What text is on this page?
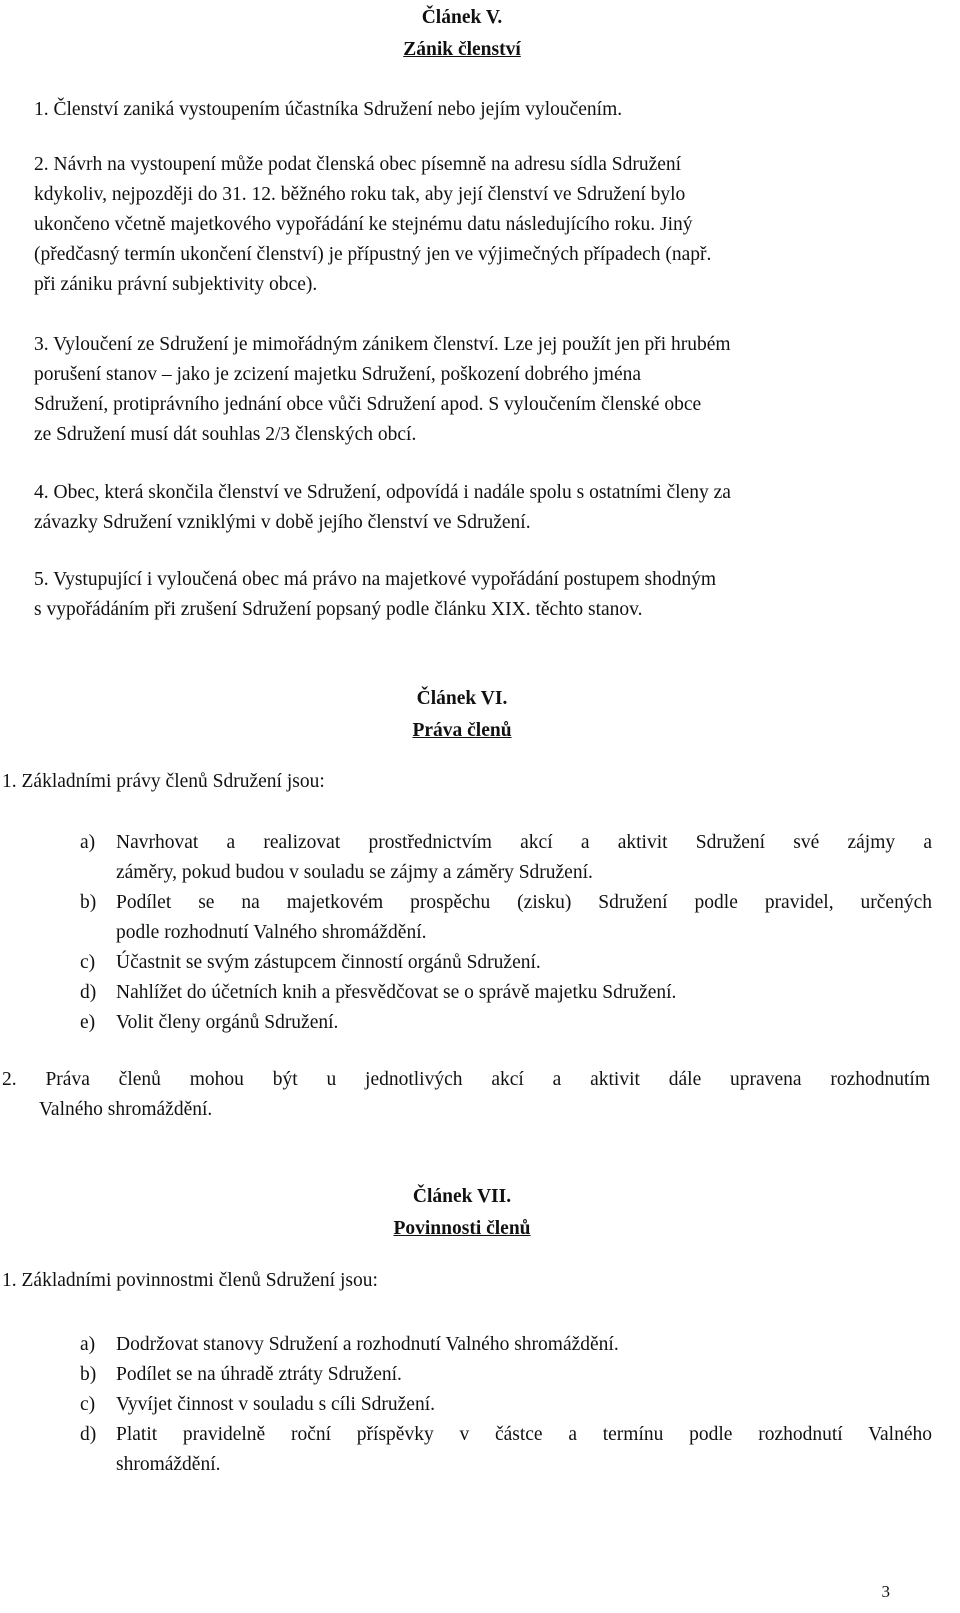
Článek V.
Zánik členství
1. Členství zaniká vystoupením účastníka Sdružení nebo jejím vyloučením.
2. Návrh na vystoupení může podat členská obec písemně na adresu sídla Sdružení
kdykoliv, nejpozději do 31. 12. běžného roku tak, aby její členství ve Sdružení bylo
ukončeno včetně majetkového vypořádání ke stejnému datu následujícího roku. Jiný
(předčasný termín ukončení členství) je přípustný jen ve výjimečných případech (např.
při zániku právní subjektivity obce).
3. Vyloučení ze Sdružení je mimořádným zánikem členství. Lze jej použít jen při hrubém
porušení stanov – jako je zcizení majetku Sdružení, poškození dobrého jména
Sdružení, protiprávního jednání obce vůči Sdružení apod. S vyloučením členské obce
ze Sdružení musí dát souhlas 2/3 členských obcí.
4. Obec, která skončila členství ve Sdružení, odpovídá i nadále spolu s ostatními členy za
závazky Sdružení vzniklými v době jejího členství ve Sdružení.
5. Vystupující i vyloučená obec má právo na majetkové vypořádání postupem shodným
s vypořádáním při zrušení Sdružení popsaný podle článku XIX. těchto stanov.
Článek VI.
Práva členů
1. Základními právy členů Sdružení jsou:
a)	Navrhovat a realizovat prostřednictvím akcí a aktivit Sdružení své zájmy a
záměry, pokud budou v souladu se zájmy a záměry Sdružení.
b)	Podílet se na majetkovém prospěchu (zisku) Sdružení podle pravidel, určených
podle rozhodnutí Valného shromáždění.
c)	Účastnit se svým zástupcem činností orgánů Sdružení.
d)	Nahlížet do účetních knih a přesvědčovat se o správě majetku Sdružení.
e)	Volit členy orgánů Sdružení.
2. Práva členů mohou být u jednotlivých akcí a aktivit dále upravena rozhodnutím
Valného shromáždění.
Článek VII.
Povinnosti členů
1. Základními povinnostmi členů Sdružení jsou:
a)	Dodržovat stanovy Sdružení a rozhodnutí Valného shromáždění.
b)	Podílet se na úhradě ztráty Sdružení.
c)	Vyvíjet činnost v souladu s cíli Sdružení.
d)	Platit pravidelně roční příspěvky v částce a termínu podle rozhodnutí Valného
shromáždění.
3
